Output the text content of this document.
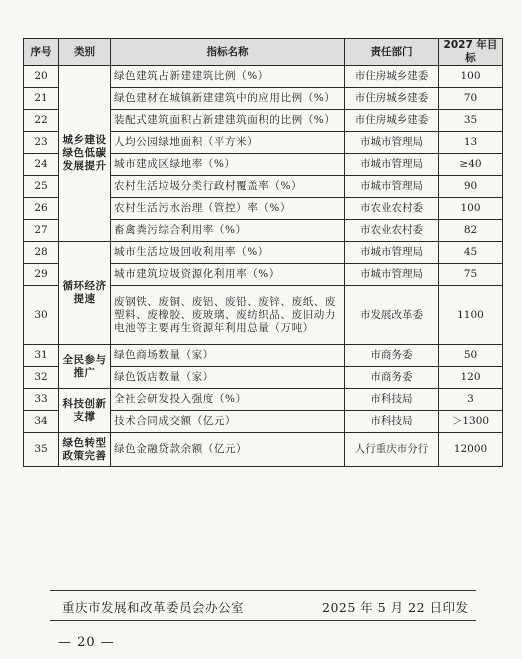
序号	类别	指标名称	责任部门	2027 年目标
20	城乡建设绿色低碳发展提升	绿色建筑占新建建筑比例（%）	市住房城乡建委	100
21		绿色建材在城镇新建建筑中的应用比例（%）	市住房城乡建委	70
22		装配式建筑面积占新建建筑面积的比例（%）	市住房城乡建委	35
23		人均公园绿地面积（平方米）	市城市管理局	13
24		城市建成区绿地率（%）	市城市管理局	≥40
25		农村生活垃圾分类行政村覆盖率（%）	市城市管理局	90
26		农村生活污水治理（管控）率（%）	市农业农村委	100
27		畜禽粪污综合利用率（%）	市农业农村委	82
28	循环经济提速	城市生活垃圾回收利用率（%）	市城市管理局	45
29		城市建筑垃圾资源化利用率（%）	市城市管理局	75
30		废钢铁、废铜、废铝、废铅、废锌、废纸、废塑料、废橡胶、废玻璃、废纺织品、废旧动力电池等主要再生资源年利用总量（万吨）	市发展改革委	1100
31	全民参与推广	绿色商场数量（家）	市商务委	50
32		绿色饭店数量（家）	市商务委	120
33	科技创新支撑	全社会研发投入强度（%）	市科技局	3
34		技术合同成交额（亿元）	市科技局	＞1300
35	绿色转型政策完善	绿色金融贷款余额（亿元）	人行重庆市分行	12000
重庆市发展和改革委员会办公室	2025 年 5 月 22 日印发
— 20 —
